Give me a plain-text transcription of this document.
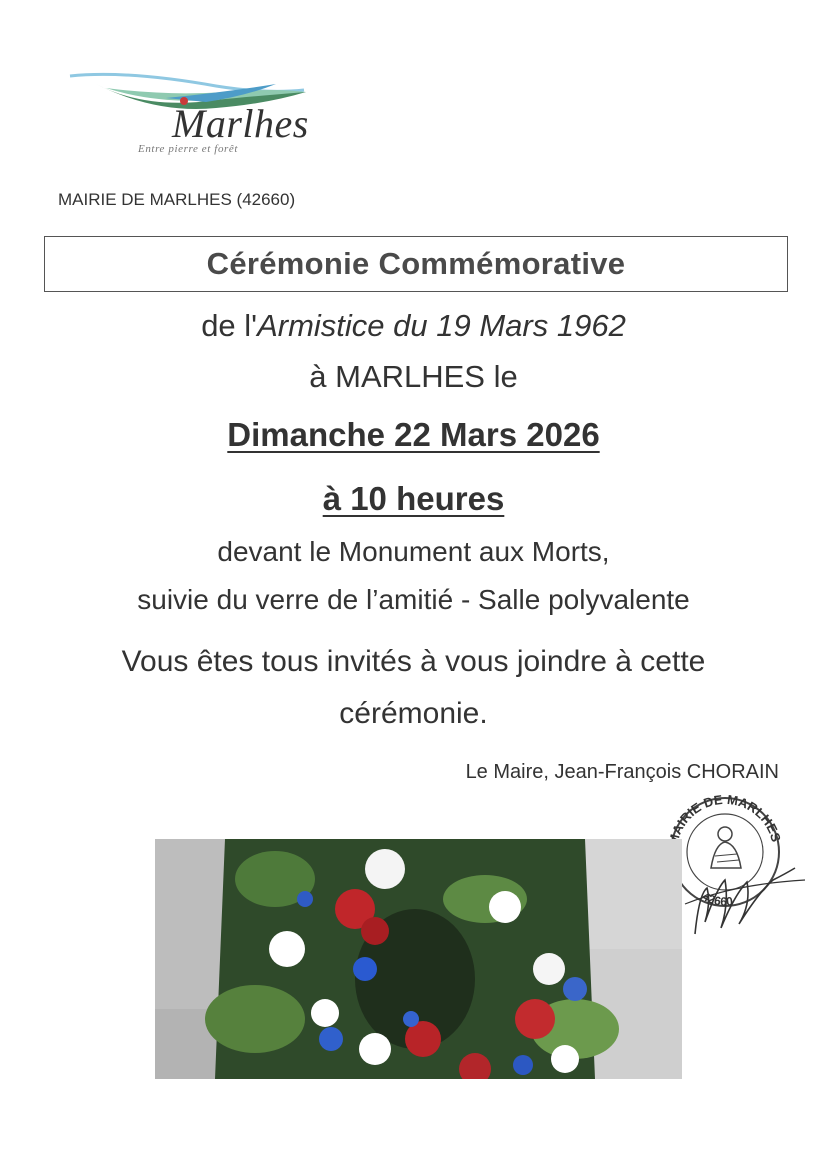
Marlhes
Entre pierre et forêt
MAIRIE DE MARLHES (42660)
Cérémonie Commémorative
de l'Armistice du 19 Mars 1962
à MARLHES le
Dimanche 22 Mars 2026
à 10 heures
devant le Monument aux Morts,
suivie du verre de l’amitié - Salle polyvalente
Vous êtes tous invités à vous joindre à cette
cérémonie.
Le Maire, Jean-François CHORAIN
AIRIE DE MARLHES
42660
